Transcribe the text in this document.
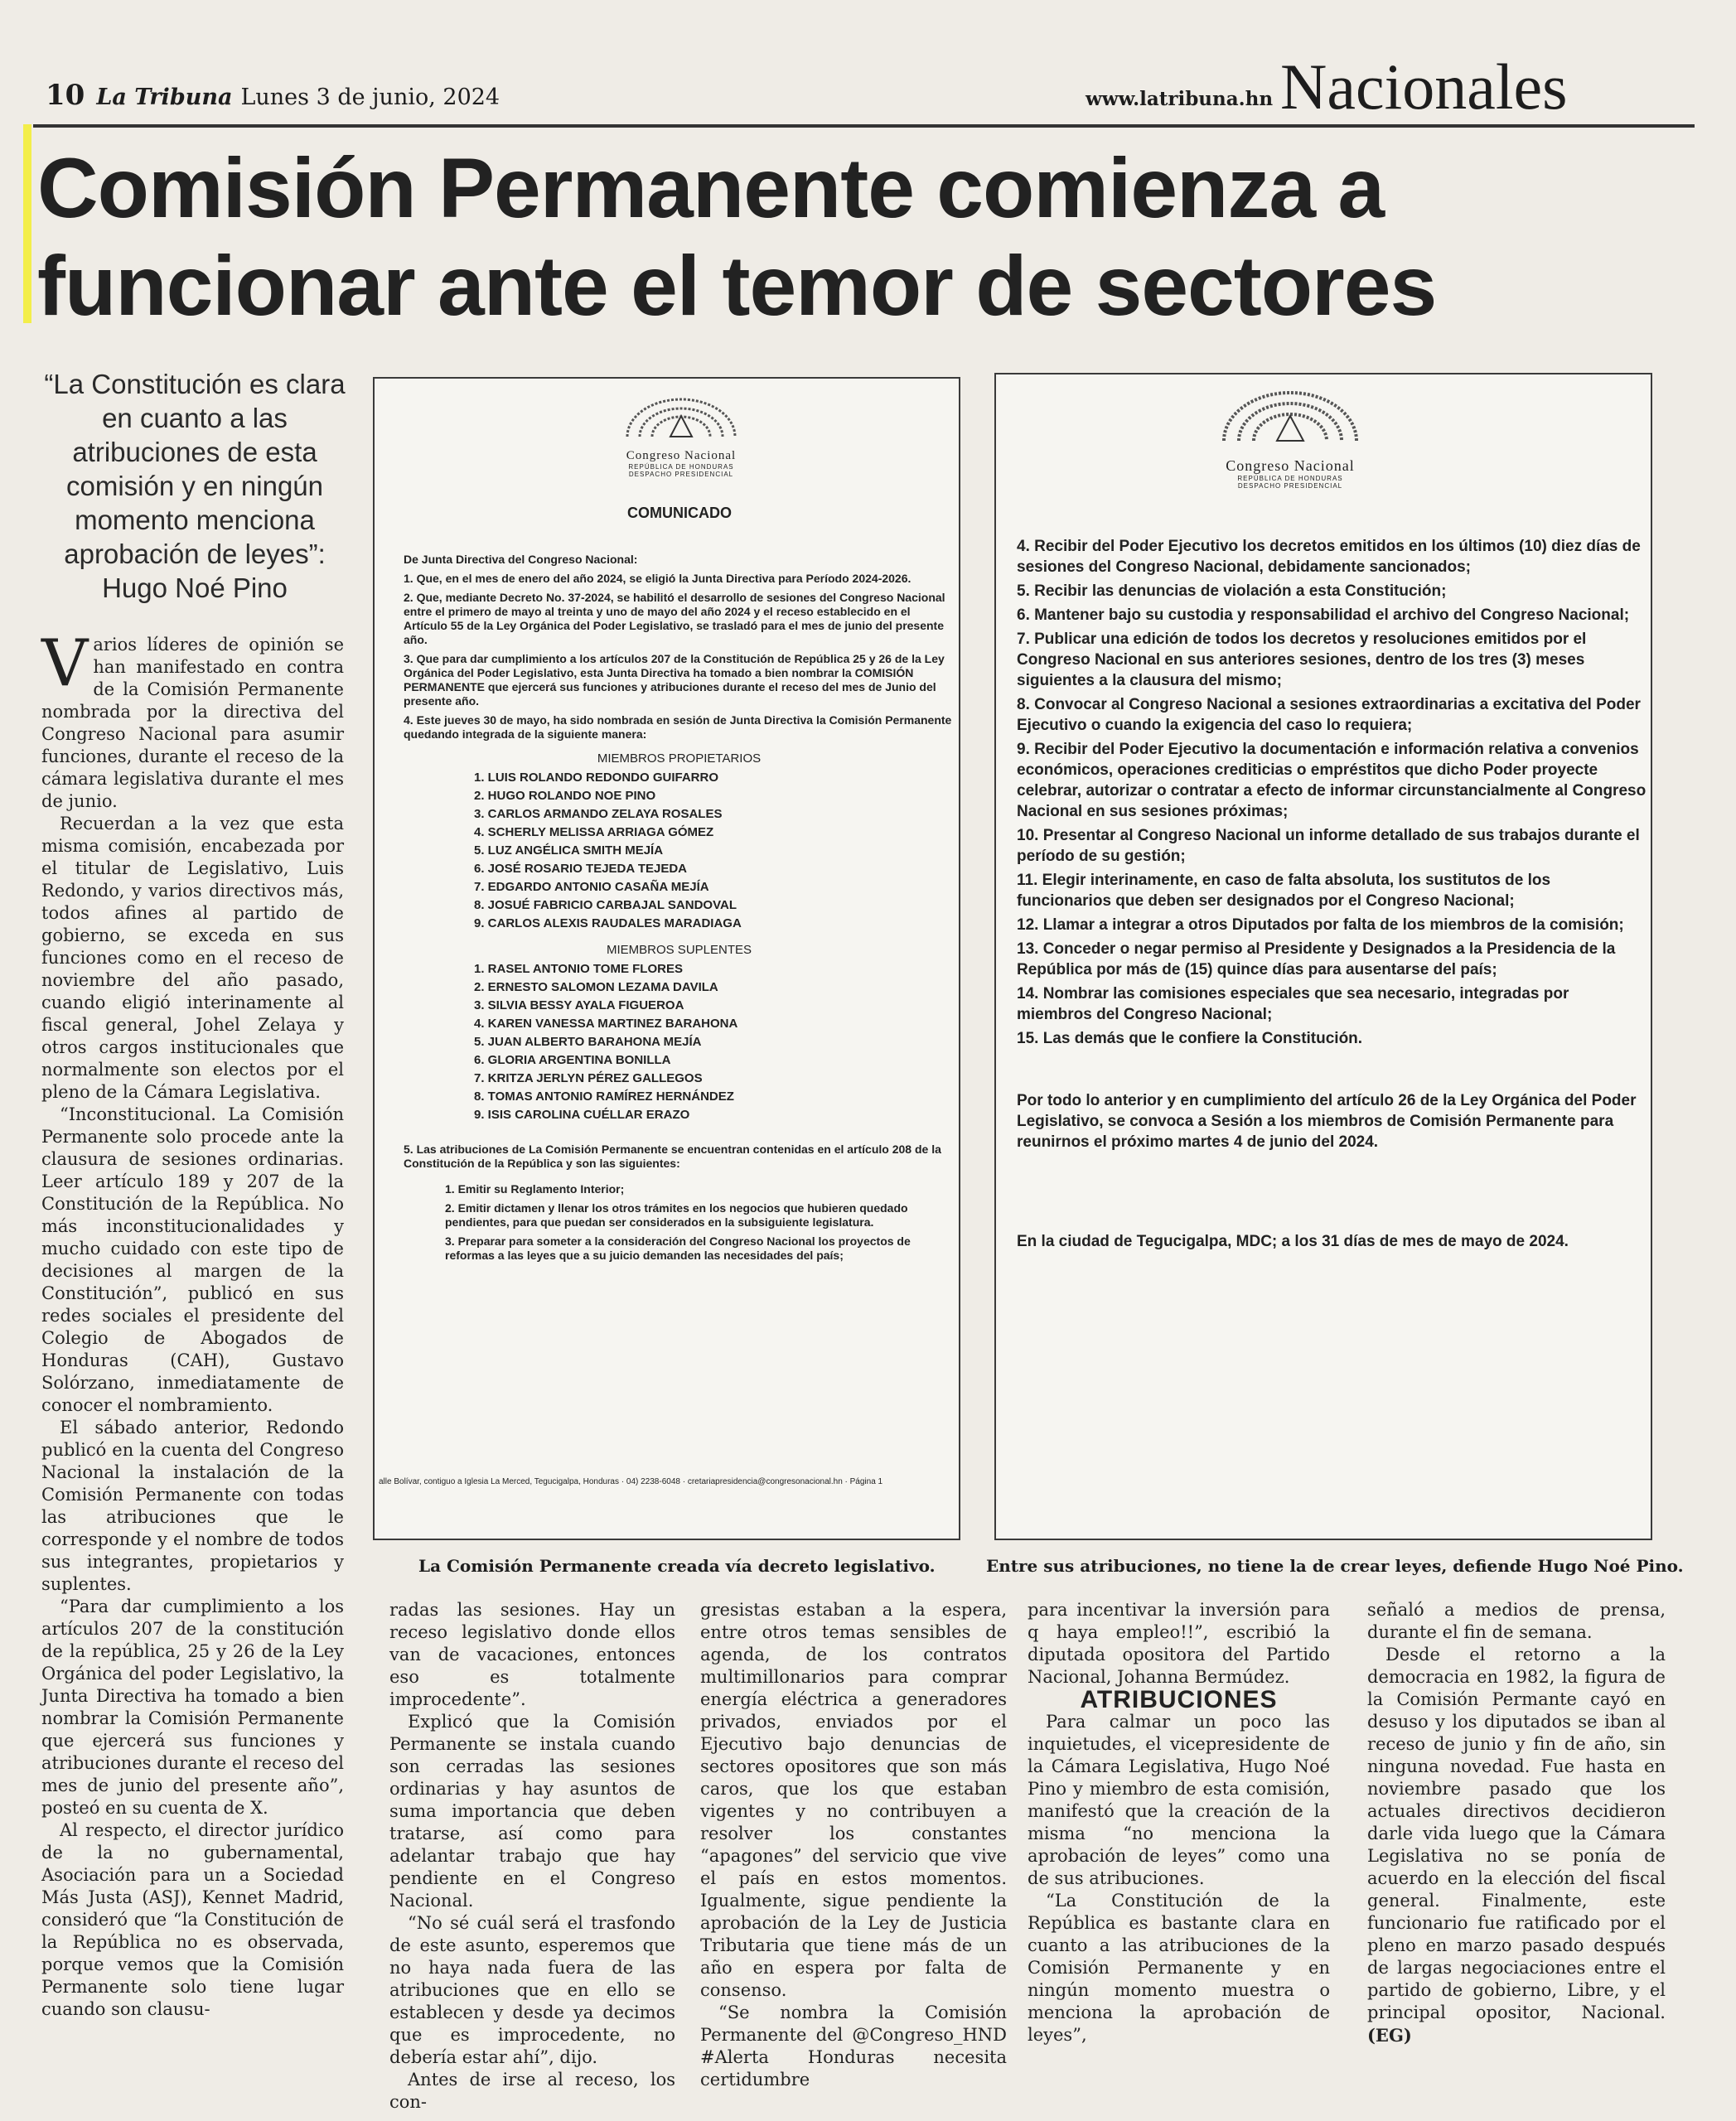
10 La Tribuna Lunes 3 de junio, 2024	www.latribuna.hn Nacionales
Comisión Permanente comienza a
funcionar ante el temor de sectores
“La Constitución es clara en cuanto a las atribuciones de esta comisión y en ningún momento menciona aprobación de leyes”: Hugo Noé Pino

Varios líderes de opinión se han manifestado en contra de la Comisión Permanente nombrada por la directiva del Congreso Nacional para asumir funciones, durante el receso de la cámara legislativa durante el mes de junio.

Recuerdan a la vez que esta misma comisión, encabezada por el titular de Legislativo, Luis Redondo, y varios directivos más, todos afines al partido de gobierno, se exceda en sus funciones como en el receso de noviembre del año pasado, cuando eligió interinamente al fiscal general, Johel Zelaya y otros cargos institucionales que normalmente son electos por el pleno de la Cámara Legislativa.

“Inconstitucional. La Comisión Permanente solo procede ante la clausura de sesiones ordinarias. Leer artículo 189 y 207 de la Constitución de la República. No más inconstitucionalidades y mucho cuidado con este tipo de decisiones al margen de la Constitución”, publicó en sus redes sociales el presidente del Colegio de Abogados de Honduras (CAH), Gustavo Solórzano, inmediatamente de conocer el nombramiento.

El sábado anterior, Redondo publicó en la cuenta del Congreso Nacional la instalación de la Comisión Permanente con todas las atribuciones que le corresponde y el nombre de todos sus integrantes, propietarios y suplentes.

“Para dar cumplimiento a los artículos 207 de la constitución de la república, 25 y 26 de la Ley Orgánica del poder Legislativo, la Junta Directiva ha tomado a bien nombrar la Comisión Permanente que ejercerá sus funciones y atribuciones durante el receso del mes de junio del presente año”, posteó en su cuenta de X.

Al respecto, el director jurídico de la no gubernamental, Asociación para un a Sociedad Más Justa (ASJ), Kennet Madrid, consideró que “la Constitución de la República no es observada, porque vemos que la Comisión Permanente solo tiene lugar cuando son clausu-

Congreso Nacional
REPÚBLICA DE HONDURAS
DESPACHO PRESIDENCIAL
COMUNICADO

De Junta Directiva del Congreso Nacional:

1. Que, en el mes de enero del año 2024, se eligió la Junta Directiva para Período 2024-2026.

2. Que, mediante Decreto No. 37-2024, se habilitó el desarrollo de sesiones del Congreso Nacional entre el primero de mayo al treinta y uno de mayo del año 2024 y el receso establecido en el Artículo 55 de la Ley Orgánica del Poder Legislativo, se trasladó para el mes de junio del presente año.

3. Que para dar cumplimiento a los artículos 207 de la Constitución de República 25 y 26 de la Ley Orgánica del Poder Legislativo, esta Junta Directiva ha tomado a bien nombrar la COMISIÓN PERMANENTE que ejercerá sus funciones y atribuciones durante el receso del mes de Junio del presente año.

4. Este jueves 30 de mayo, ha sido nombrada en sesión de Junta Directiva la Comisión Permanente quedando integrada de la siguiente manera:

MIEMBROS PROPIETARIOS
1. LUIS ROLANDO REDONDO GUIFARRO
2. HUGO ROLANDO NOE PINO
3. CARLOS ARMANDO ZELAYA ROSALES
4. SCHERLY MELISSA ARRIAGA GÓMEZ
5. LUZ ANGÉLICA SMITH MEJÍA
6. JOSÉ ROSARIO TEJEDA TEJEDA
7. EDGARDO ANTONIO CASAÑA MEJÍA
8. JOSUÉ FABRICIO CARBAJAL SANDOVAL
9. CARLOS ALEXIS RAUDALES MARADIAGA
MIEMBROS SUPLENTES
1. RASEL ANTONIO TOME FLORES
2. ERNESTO SALOMON LEZAMA DAVILA
3. SILVIA BESSY AYALA FIGUEROA
4. KAREN VANESSA MARTINEZ BARAHONA
5. JUAN ALBERTO BARAHONA MEJÍA
6. GLORIA ARGENTINA BONILLA
7. KRITZA JERLYN PÉREZ GALLEGOS
8. TOMAS ANTONIO RAMÍREZ HERNÁNDEZ
9. ISIS CAROLINA CUÉLLAR ERAZO

5. Las atribuciones de La Comisión Permanente se encuentran contenidas en el artículo 208 de la Constitución de la República y son las siguientes:

1. Emitir su Reglamento Interior;

2. Emitir dictamen y llenar los otros trámites en los negocios que hubieren quedado pendientes, para que puedan ser considerados en la subsiguiente legislatura.

3. Preparar para someter a la consideración del Congreso Nacional los proyectos de reformas a las leyes que a su juicio demanden las necesidades del país;

alle Bolívar, contiguo a Iglesia La Merced, Tegucigalpa, Honduras · 04) 2238-6048 · cretariapresidencia@congresonacional.hn · Página 1
Congreso Nacional
REPÚBLICA DE HONDURAS
DESPACHO PRESIDENCIAL

4. Recibir del Poder Ejecutivo los decretos emitidos en los últimos (10) diez días de sesiones del Congreso Nacional, debidamente sancionados;

5. Recibir las denuncias de violación a esta Constitución;

6. Mantener bajo su custodia y responsabilidad el archivo del Congreso Nacional;

7. Publicar una edición de todos los decretos y resoluciones emitidos por el Congreso Nacional en sus anteriores sesiones, dentro de los tres (3) meses siguientes a la clausura del mismo;

8. Convocar al Congreso Nacional a sesiones extraordinarias a excitativa del Poder Ejecutivo o cuando la exigencia del caso lo requiera;

9. Recibir del Poder Ejecutivo la documentación e información relativa a convenios económicos, operaciones crediticias o empréstitos que dicho Poder proyecte celebrar, autorizar o contratar a efecto de informar circunstancialmente al Congreso Nacional en sus sesiones próximas;

10. Presentar al Congreso Nacional un informe detallado de sus trabajos durante el período de su gestión;

11. Elegir interinamente, en caso de falta absoluta, los sustitutos de los funcionarios que deben ser designados por el Congreso Nacional;

12. Llamar a integrar a otros Diputados por falta de los miembros de la comisión;

13. Conceder o negar permiso al Presidente y Designados a la Presidencia de la República por más de (15) quince días para ausentarse del país;

14. Nombrar las comisiones especiales que sea necesario, integradas por miembros del Congreso Nacional;

15. Las demás que le confiere la Constitución.

Por todo lo anterior y en cumplimiento del artículo 26 de la Ley Orgánica del Poder Legislativo, se convoca a Sesión a los miembros de Comisión Permanente para reunirnos el próximo martes 4 de junio del 2024.

En la ciudad de Tegucigalpa, MDC; a los 31 días de mes de mayo de 2024.

La Comisión Permanente creada vía decreto legislativo.	Entre sus atribuciones, no tiene la de crear leyes, defiende Hugo Noé Pino.

radas las sesiones. Hay un receso legislativo donde ellos van de vacaciones, entonces eso es totalmente improcedente”.

Explicó que la Comisión Permanente se instala cuando son cerradas las sesiones ordinarias y hay asuntos de suma importancia que deben tratarse, así como para adelantar trabajo que hay pendiente en el Congreso Nacional.

“No sé cuál será el trasfondo de este asunto, esperemos que no haya nada fuera de las atribuciones que en ello se establecen y desde ya decimos que es improcedente, no debería estar ahí”, dijo.

Antes de irse al receso, los con-

gresistas estaban a la espera, entre otros temas sensibles de agenda, de los contratos multimillonarios para comprar energía eléctrica a generadores privados, enviados por el Ejecutivo bajo denuncias de sectores opositores que son más caros, que los que estaban vigentes y no contribuyen a resolver los constantes “apagones” del servicio que vive el país en estos momentos. Igualmente, sigue pendiente la aprobación de la Ley de Justicia Tributaria que tiene más de un año en espera por falta de consenso.

“Se nombra la Comisión Permanente del @Congreso_HND #Alerta Honduras necesita certidumbre

para incentivar la inversión para q haya empleo!!”, escribió la diputada opositora del Partido Nacional, Johanna Bermúdez.

ATRIBUCIONES

Para calmar un poco las inquietudes, el vicepresidente de la Cámara Legislativa, Hugo Noé Pino y miembro de esta comisión, manifestó que la creación de la misma “no menciona la aprobación de leyes” como una de sus atribuciones.

“La Constitución de la República es bastante clara en cuanto a las atribuciones de la Comisión Permanente y en ningún momento muestra o menciona la aprobación de leyes”,

señaló a medios de prensa, durante el fin de semana.

Desde el retorno a la democracia en 1982, la figura de la Comisión Permante cayó en desuso y los diputados se iban al receso de junio y fin de año, sin ninguna novedad. Fue hasta en noviembre pasado que los actuales directivos decidieron darle vida luego que la Cámara Legislativa no se ponía de acuerdo en la elección del fiscal general. Finalmente, este funcionario fue ratificado por el pleno en marzo pasado después de largas negociaciones entre el partido de gobierno, Libre, y el principal opositor, Nacional. (EG)
